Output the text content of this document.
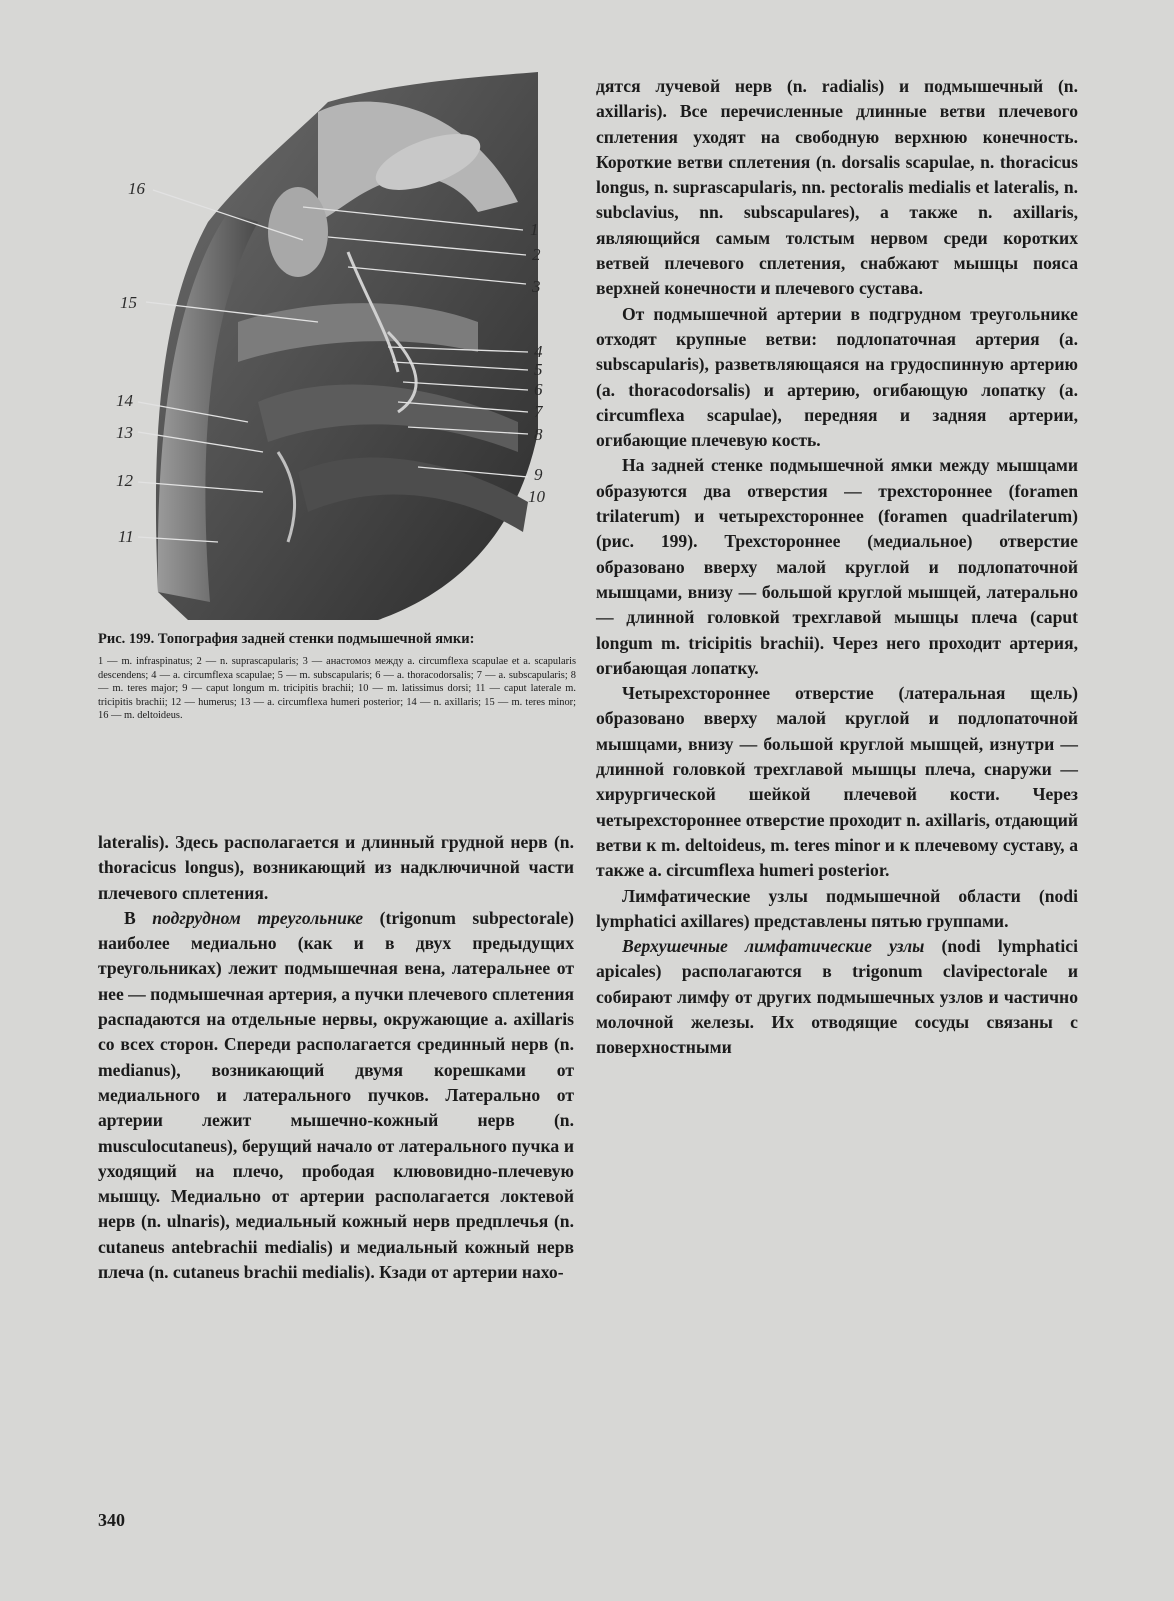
16
1
2
3
15
4
5
6
7
8
14
13
9
12
10
11

Рис. 199. Топография задней стенки подмышечной ямки:

1 — m. infraspinatus; 2 — n. suprascapularis; 3 — анастомоз между a. circumflexa scapulae et a. scapularis descendens; 4 — a. circumflexa scapulae; 5 — m. subscapularis; 6 — a. thoracodorsalis; 7 — a. subscapularis; 8 — m. teres major; 9 — caput longum m. tricipitis brachii; 10 — m. latissimus dorsi; 11 — caput laterale m. tricipitis brachii; 12 — humerus; 13 — a. circumflexa humeri posterior; 14 — n. axillaris; 15 — m. teres minor; 16 — m. deltoideus.

lateralis). Здесь располагается и длинный грудной нерв (n. thoracicus longus), возникающий из надключичной части плечевого сплетения.

В подгрудном треугольнике (trigonum subpectorale) наиболее медиально (как и в двух предыдущих треугольниках) лежит подмышечная вена, латеральнее от нее — подмышечная артерия, а пучки плечевого сплетения распадаются на отдельные нервы, окружающие a. axillaris со всех сторон. Спереди располагается срединный нерв (n. medianus), возникающий двумя корешками от медиального и латерального пучков. Латерально от артерии лежит мышечно-кожный нерв (n. musculocutaneus), берущий начало от латерального пучка и уходящий на плечо, прободая клювовидно-плечевую мышцу. Медиально от артерии располагается локтевой нерв (n. ulnaris), медиальный кожный нерв предплечья (n. cutaneus antebrachii medialis) и медиальный кожный нерв плеча (n. cutaneus brachii medialis). Кзади от артерии нахо-

дятся лучевой нерв (n. radialis) и подмышечный (n. axillaris). Все перечисленные длинные ветви плечевого сплетения уходят на свободную верхнюю конечность. Короткие ветви сплетения (n. dorsalis scapulae, n. thoracicus longus, n. suprascapularis, nn. pectoralis medialis et lateralis, n. subclavius, nn. subscapulares), а также n. axillaris, являющийся самым толстым нервом среди коротких ветвей плечевого сплетения, снабжают мышцы пояса верхней конечности и плечевого сустава.

От подмышечной артерии в подгрудном треугольнике отходят крупные ветви: подлопаточная артерия (a. subscapularis), разветвляющаяся на грудоспинную артерию (a. thoracodorsalis) и артерию, огибающую лопатку (a. circumflexa scapulae), передняя и задняя артерии, огибающие плечевую кость.

На задней стенке подмышечной ямки между мышцами образуются два отверстия — трехстороннее (foramen trilaterum) и четырехстороннее (foramen quadrilaterum) (рис. 199). Трехстороннее (медиальное) отверстие образовано вверху малой круглой и подлопаточной мышцами, внизу — большой круглой мышцей, латерально — длинной головкой трехглавой мышцы плеча (caput longum m. tricipitis brachii). Через него проходит артерия, огибающая лопатку.

Четырехстороннее отверстие (латеральная щель) образовано вверху малой круглой и подлопаточной мышцами, внизу — большой круглой мышцей, изнутри — длинной головкой трехглавой мышцы плеча, снаружи — хирургической шейкой плечевой кости. Через четырехстороннее отверстие проходит n. axillaris, отдающий ветви к m. deltoideus, m. teres minor и к плечевому суставу, а также a. circumflexa humeri posterior.

Лимфатические узлы подмышечной области (nodi lymphatici axillares) представлены пятью группами.

Верхушечные лимфатические узлы (nodi lymphatici apicales) располагаются в trigonum clavipectorale и собирают лимфу от других подмышечных узлов и частично молочной железы. Их отводящие сосуды связаны с поверхностными

340
